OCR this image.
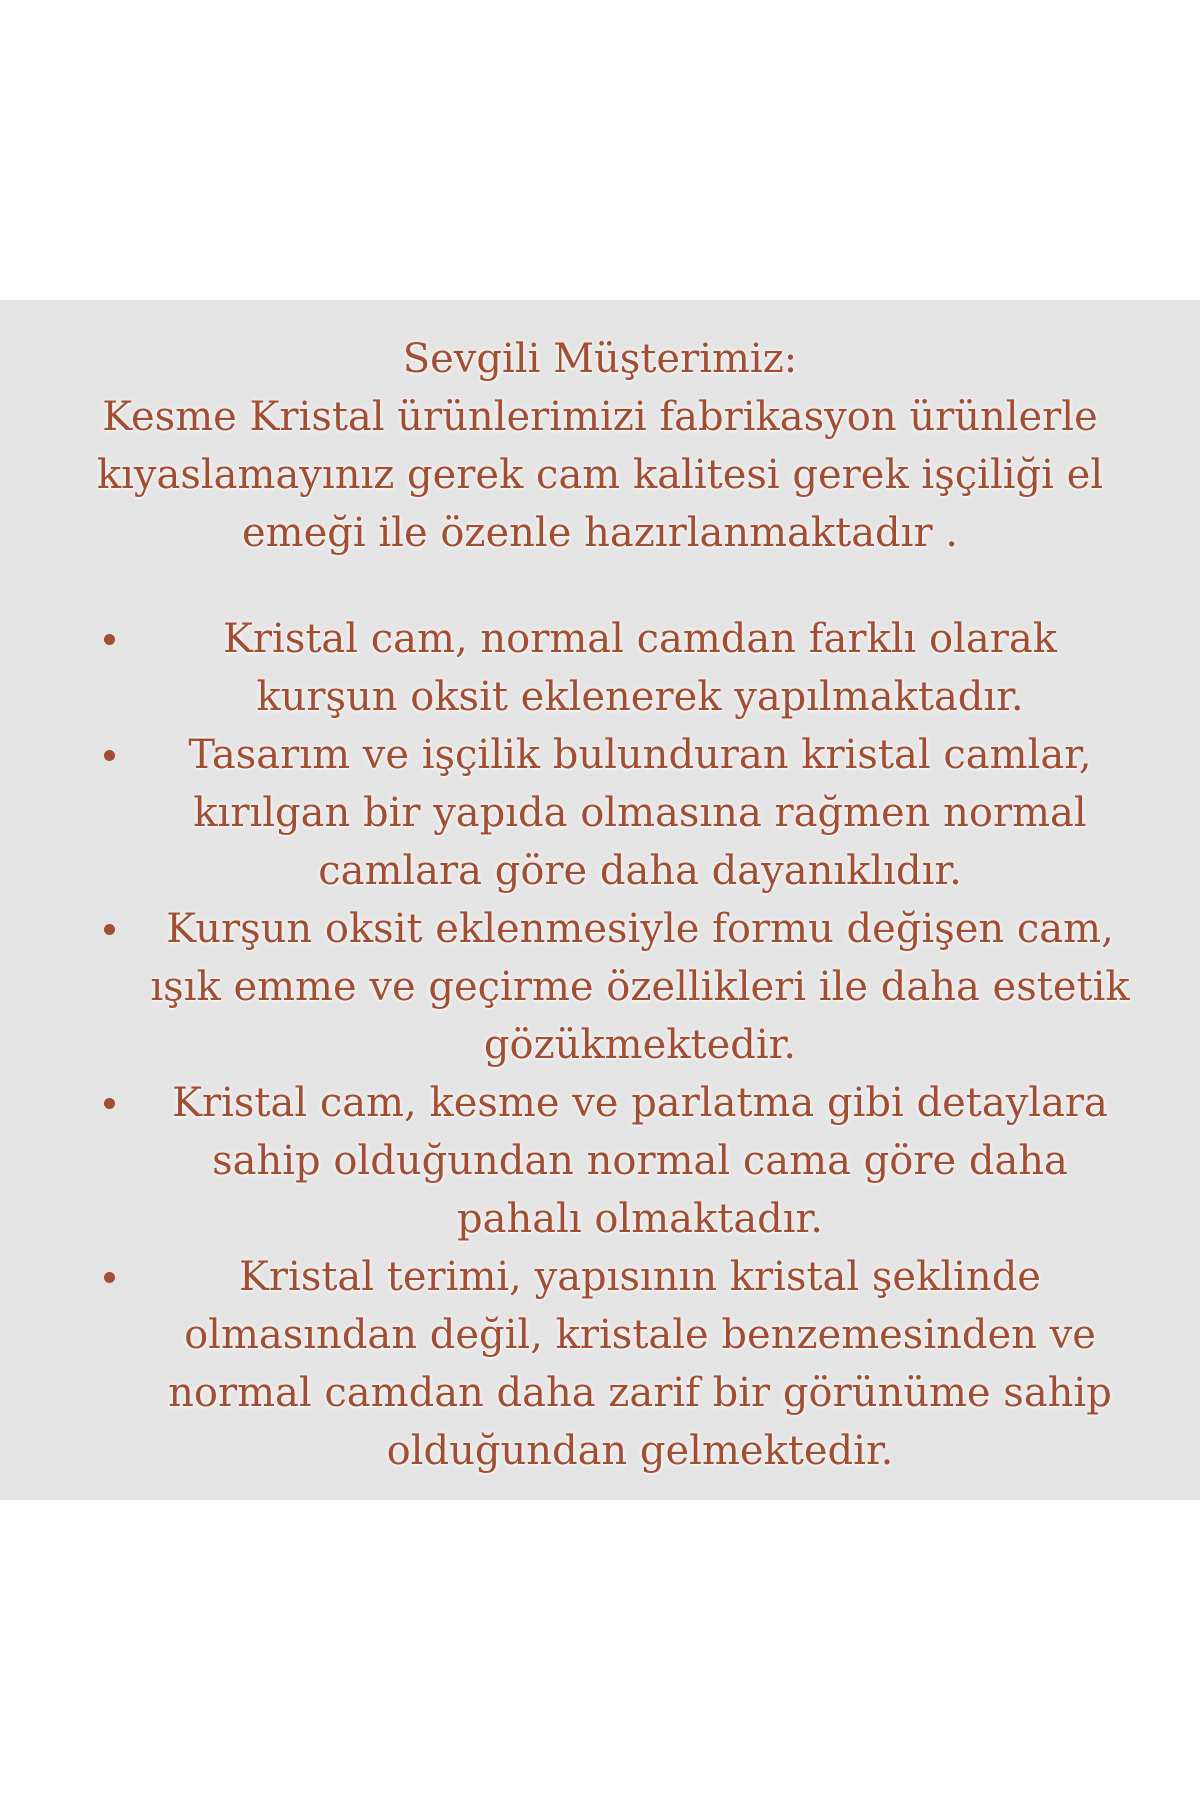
Sevgili Müşterimiz:
Kesme Kristal ürünlerimizi fabrikasyon ürünlerle
kıyaslamayınız gerek cam kalitesi gerek işçiliği el
emeği ile özenle hazırlanmaktadır .
Kristal cam, normal camdan farklı olarak
kurşun oksit eklenerek yapılmaktadır.
Tasarım ve işçilik bulunduran kristal camlar,
kırılgan bir yapıda olmasına rağmen normal
camlara göre daha dayanıklıdır.
Kurşun oksit eklenmesiyle formu değişen cam,
ışık emme ve geçirme özellikleri ile daha estetik
gözükmektedir.
Kristal cam, kesme ve parlatma gibi detaylara
sahip olduğundan normal cama göre daha
pahalı olmaktadır.
Kristal terimi, yapısının kristal şeklinde
olmasından değil, kristale benzemesinden ve
normal camdan daha zarif bir görünüme sahip
olduğundan gelmektedir.
